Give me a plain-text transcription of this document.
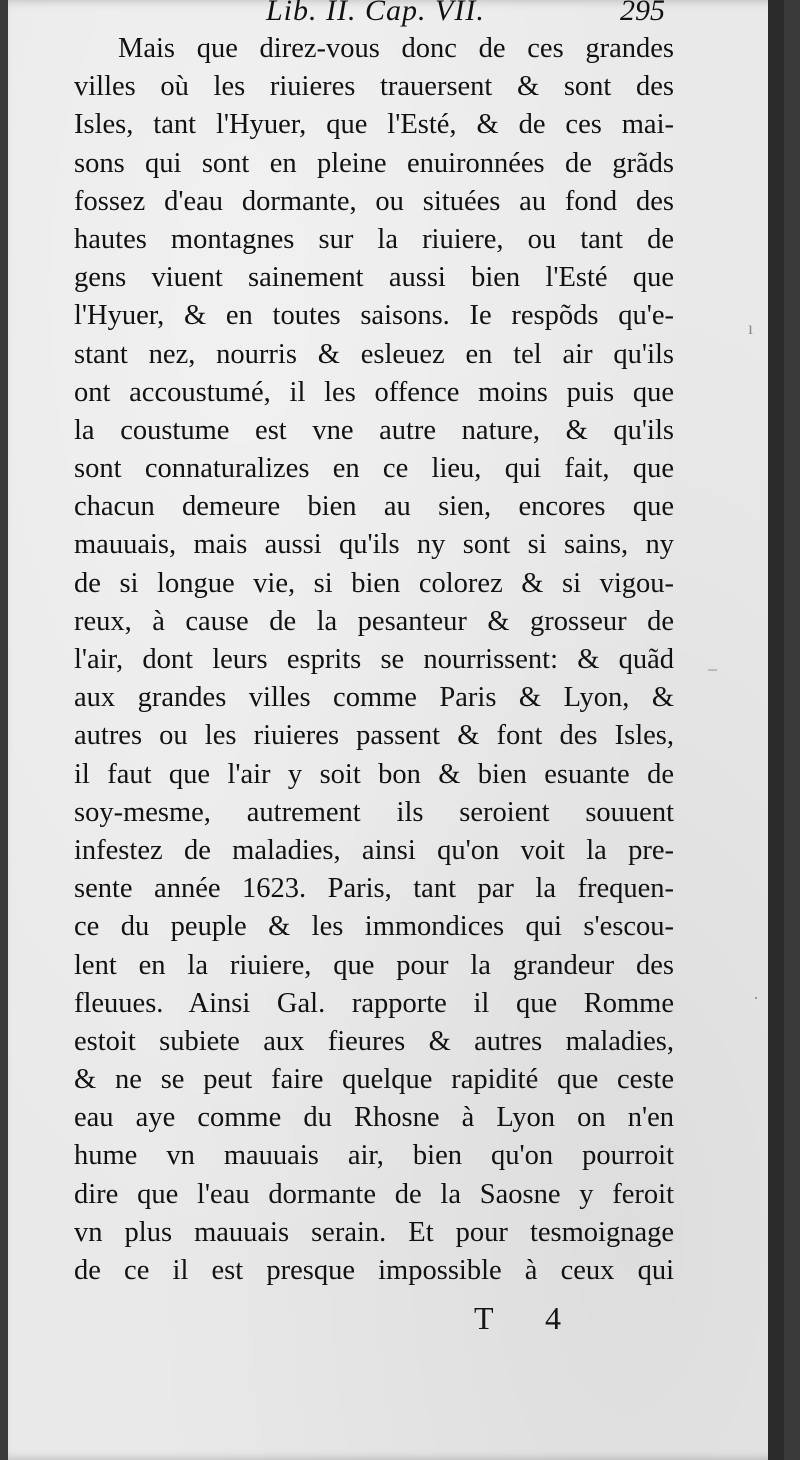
Lib. II. Cap. VII.	295
Mais que direz-vous donc de ces grandes
villes où les riuieres trauersent & sont des
Isles, tant l'Hyuer, que l'Esté, & de ces mai-
sons qui sont en pleine enuironnées de grãds
fossez d'eau dormante, ou situées au fond des
hautes montagnes sur la riuiere, ou tant de
gens viuent sainement aussi bien l'Esté que
l'Hyuer, & en toutes saisons. Ie respõds qu'e-
stant nez, nourris & esleuez en tel air qu'ils
ont accoustumé, il les offence moins puis que
la coustume est vne autre nature, & qu'ils
sont connaturalizes en ce lieu, qui fait, que
chacun demeure bien au sien, encores que
mauuais, mais aussi qu'ils ny sont si sains, ny
de si longue vie, si bien colorez & si vigou-
reux, à cause de la pesanteur & grosseur de
l'air, dont leurs esprits se nourrissent: & quãd
aux grandes villes comme Paris & Lyon, &
autres ou les riuieres passent & font des Isles,
il faut que l'air y soit bon & bien esuante de
soy-mesme, autrement ils seroient souuent
infestez de maladies, ainsi qu'on voit la pre-
sente année 1623. Paris, tant par la frequen-
ce du peuple & les immondices qui s'escou-
lent en la riuiere, que pour la grandeur des
fleuues. Ainsi Gal. rapporte il que Romme
estoit subiete aux fieures & autres maladies,
& ne se peut faire quelque rapidité que ceste
eau aye comme du Rhosne à Lyon on n'en
hume vn mauuais air, bien qu'on pourroit
dire que l'eau dormante de la Saosne y feroit
vn plus mauuais serain. Et pour tesmoignage
de ce il est presque impossible à ceux qui
T 4
ı
_
·
